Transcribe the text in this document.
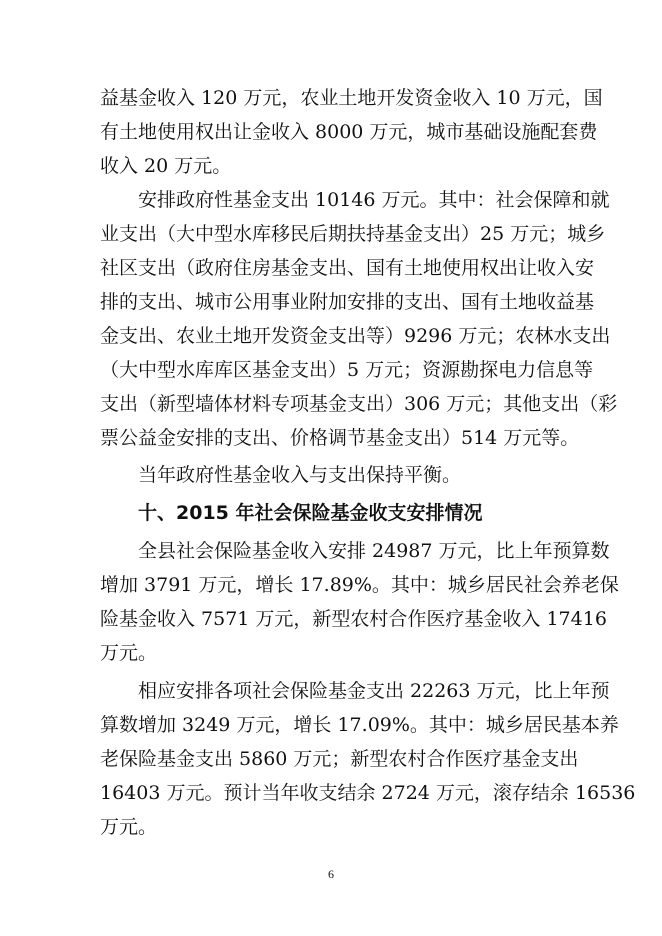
益基金收入 120 万元，农业土地开发资金收入 10 万元，国
有土地使用权出让金收入 8000 万元，城市基础设施配套费
收入 20 万元。
安排政府性基金支出 10146 万元。其中：社会保障和就
业支出（大中型水库移民后期扶持基金支出）25 万元；城乡
社区支出（政府住房基金支出、国有土地使用权出让收入安
排的支出、城市公用事业附加安排的支出、国有土地收益基
金支出、农业土地开发资金支出等）9296 万元；农林水支出
（大中型水库库区基金支出）5 万元；资源勘探电力信息等
支出（新型墙体材料专项基金支出）306 万元；其他支出（彩
票公益金安排的支出、价格调节基金支出）514 万元等。
当年政府性基金收入与支出保持平衡。
十、2015 年社会保险基金收支安排情况
全县社会保险基金收入安排 24987 万元，比上年预算数
增加 3791 万元，增长 17.89%。其中：城乡居民社会养老保
险基金收入 7571 万元，新型农村合作医疗基金收入 17416
万元。
相应安排各项社会保险基金支出 22263 万元，比上年预
算数增加 3249 万元，增长 17.09%。其中：城乡居民基本养
老保险基金支出 5860 万元；新型农村合作医疗基金支出
16403 万元。预计当年收支结余 2724 万元，滚存结余 16536
万元。
6
